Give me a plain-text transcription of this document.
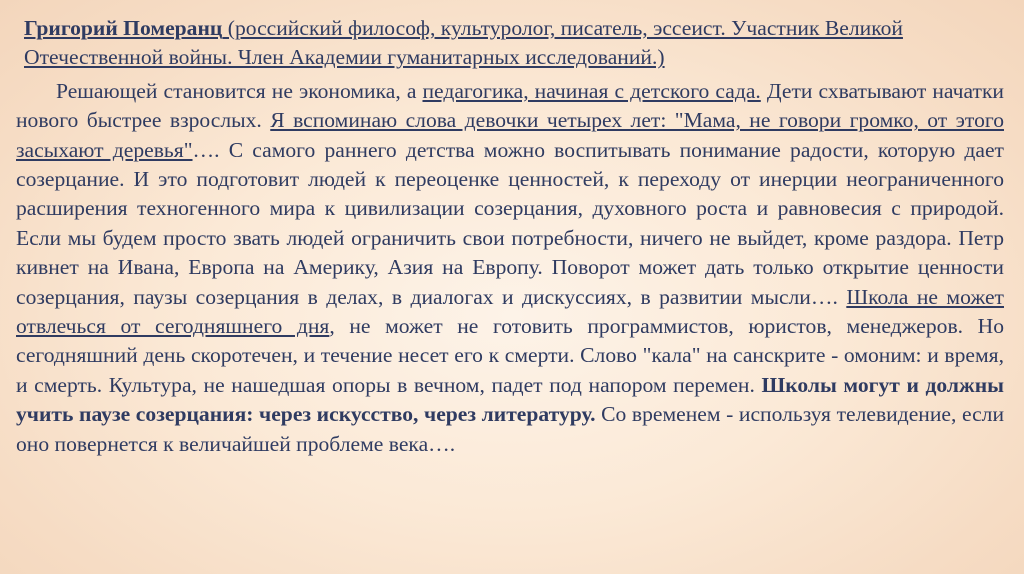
Григорий Померанц (российский философ, культуролог, писатель, эссеист. Участник Великой Отечественной войны. Член Академии гуманитарных исследований.)

Решающей становится не экономика, а педагогика, начиная с детского сада. Дети схватывают начатки нового быстрее взрослых. Я вспоминаю слова девочки четырех лет: "Мама, не говори громко, от этого засыхают деревья"…. С самого раннего детства можно воспитывать понимание радости, которую дает созерцание. И это подготовит людей к переоценке ценностей, к переходу от инерции неограниченного расширения техногенного мира к цивилизации созерцания, духовного роста и равновесия с природой. Если мы будем просто звать людей ограничить свои потребности, ничего не выйдет, кроме раздора. Петр кивнет на Ивана, Европа на Америку, Азия на Европу. Поворот может дать только открытие ценности созерцания, паузы созерцания в делах, в диалогах и дискуссиях, в развитии мысли…. Школа не может отвлечься от сегодняшнего дня, не может не готовить программистов, юристов, менеджеров. Но сегодняшний день скоротечен, и течение несет его к смерти. Слово "кала" на санскрите - омоним: и время, и смерть. Культура, не нашедшая опоры в вечном, падет под напором перемен. Школы могут и должны учить паузе созерцания: через искусство, через литературу. Со временем - используя телевидение, если оно повернется к величайшей проблеме века….
